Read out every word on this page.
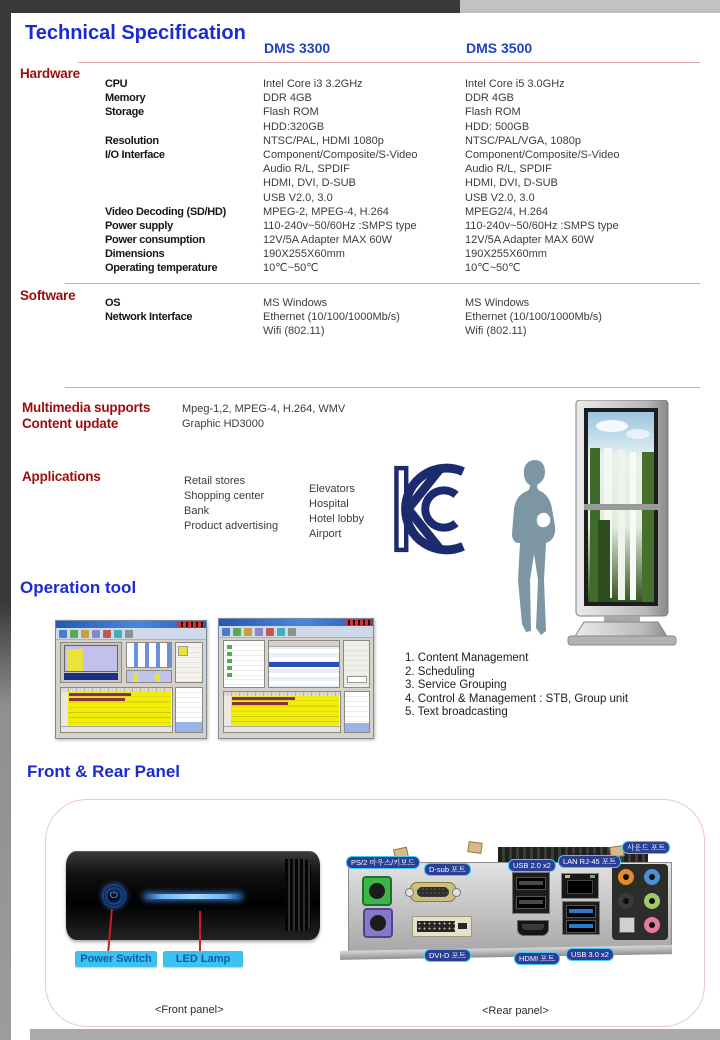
Technical Specification
DMS 3300	DMS 3500
Hardware
CPU	Intel Core i3 3.2GHz	Intel Core i5 3.0GHz
Memory	DDR 4GB	DDR 4GB
Storage	Flash ROM	Flash ROM
HDD:320GB	HDD: 500GB
Resolution	NTSC/PAL, HDMI 1080p	NTSC/PAL/VGA, 1080p
I/O Interface	Component/Composite/S-Video	Component/Composite/S-Video
Audio R/L, SPDIF	Audio R/L, SPDIF
HDMI, DVI, D-SUB	HDMI, DVI, D-SUB
USB V2.0, 3.0	USB V2.0, 3.0
Video Decoding (SD/HD)	MPEG-2, MPEG-4, H.264	MPEG2/4, H.264
Power supply	110-240v~50/60Hz :SMPS type	110-240v~50/60Hz :SMPS type
Power consumption	12V/5A Adapter MAX 60W	12V/5A Adapter MAX 60W
Dimensions	190X255X60mm	190X255X60mm
Operating temperature	10℃~50℃	10℃~50℃
Software	OS	MS Windows	MS Windows
Network Interface	Ethernet (10/100/1000Mb/s)	Ethernet (10/100/1000Mb/s)
Wifi (802.11)	Wifi (802.11)
Multimedia supports
Content update
Mpeg-1,2, MPEG-4, H.264, WMV
Graphic HD3000
Applications	Retail stores
Shopping center
Bank
Product advertising
Elevators
Hospital
Hotel lobby
Airport
Operation tool
1. Content Management
2. Scheduling
3. Service Grouping
4. Control & Management : STB, Group unit
5. Text broadcasting
Front & Rear Panel
⏻
Power Switch	LED Lamp
PS/2 마우스/키보드
D-sub 포트	USB 2.0 x2	LAN RJ-45 포트
사운드 포트
DVI-D 포트	HDMI 포트	USB 3.0 x2
<Front panel>	<Rear panel>
